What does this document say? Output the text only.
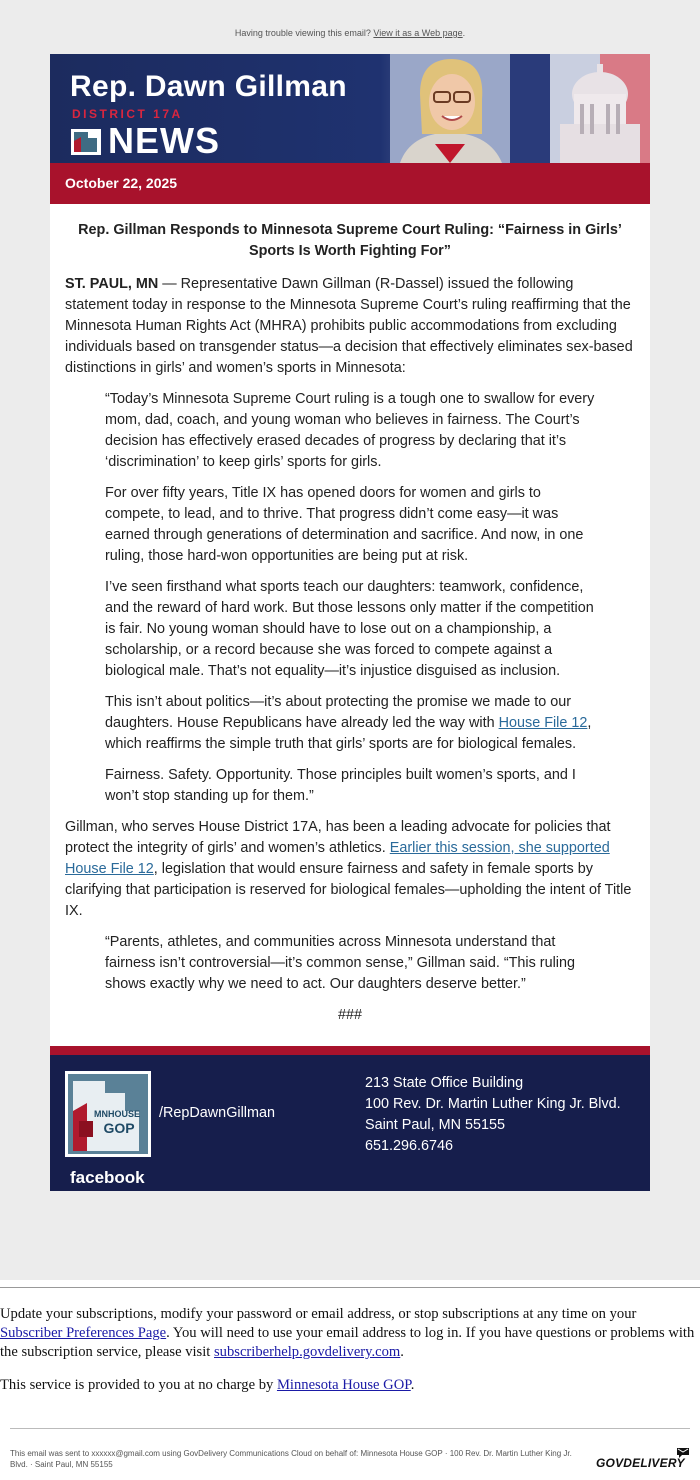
Having trouble viewing this email? View it as a Web page.
Rep. Dawn Gillman
DISTRICT 17A
NEWS
October 22, 2025
Rep. Gillman Responds to Minnesota Supreme Court Ruling: “Fairness in Girls’ Sports Is Worth Fighting For”

ST. PAUL, MN — Representative Dawn Gillman (R-Dassel) issued the following statement today in response to the Minnesota Supreme Court’s ruling reaffirming that the Minnesota Human Rights Act (MHRA) prohibits public accommodations from excluding individuals based on transgender status—a decision that effectively eliminates sex-based distinctions in girls’ and women’s sports in Minnesota:

“Today’s Minnesota Supreme Court ruling is a tough one to swallow for every mom, dad, coach, and young woman who believes in fairness. The Court’s decision has effectively erased decades of progress by declaring that it’s ‘discrimination’ to keep girls’ sports for girls.

For over fifty years, Title IX has opened doors for women and girls to compete, to lead, and to thrive. That progress didn’t come easy—it was earned through generations of determination and sacrifice. And now, in one ruling, those hard-won opportunities are being put at risk.

I’ve seen firsthand what sports teach our daughters: teamwork, confidence, and the reward of hard work. But those lessons only matter if the competition is fair. No young woman should have to lose out on a championship, a scholarship, or a record because she was forced to compete against a biological male. That’s not equality—it’s injustice disguised as inclusion.

This isn’t about politics—it’s about protecting the promise we made to our daughters. House Republicans have already led the way with House File 12, which reaffirms the simple truth that girls’ sports are for biological females.

Fairness. Safety. Opportunity. Those principles built women’s sports, and I won’t stop standing up for them.”

Gillman, who serves House District 17A, has been a leading advocate for policies that protect the integrity of girls’ and women’s athletics. Earlier this session, she supported House File 12, legislation that would ensure fairness and safety in female sports by clarifying that participation is reserved for biological females—upholding the intent of Title IX.

“Parents, athletes, and communities across Minnesota understand that fairness isn’t controversial—it’s common sense,” Gillman said. “This ruling shows exactly why we need to act. Our daughters deserve better.”

###
MNHOUSE
GOP
facebook
/RepDawnGillman
213 State Office Building
100 Rev. Dr. Martin Luther King Jr. Blvd.
Saint Paul, MN 55155
651.296.6746

Update your subscriptions, modify your password or email address, or stop subscriptions at any time on your Subscriber Preferences Page. You will need to use your email address to log in. If you have questions or problems with the subscription service, please visit subscriberhelp.govdelivery.com.

This service is provided to you at no charge by Minnesota House GOP.

This email was sent to xxxxxx@gmail.com using GovDelivery Communications Cloud on behalf of: Minnesota House GOP · 100 Rev. Dr. Martin Luther King Jr. Blvd. · Saint Paul, MN 55155	GOVDELIVERY
